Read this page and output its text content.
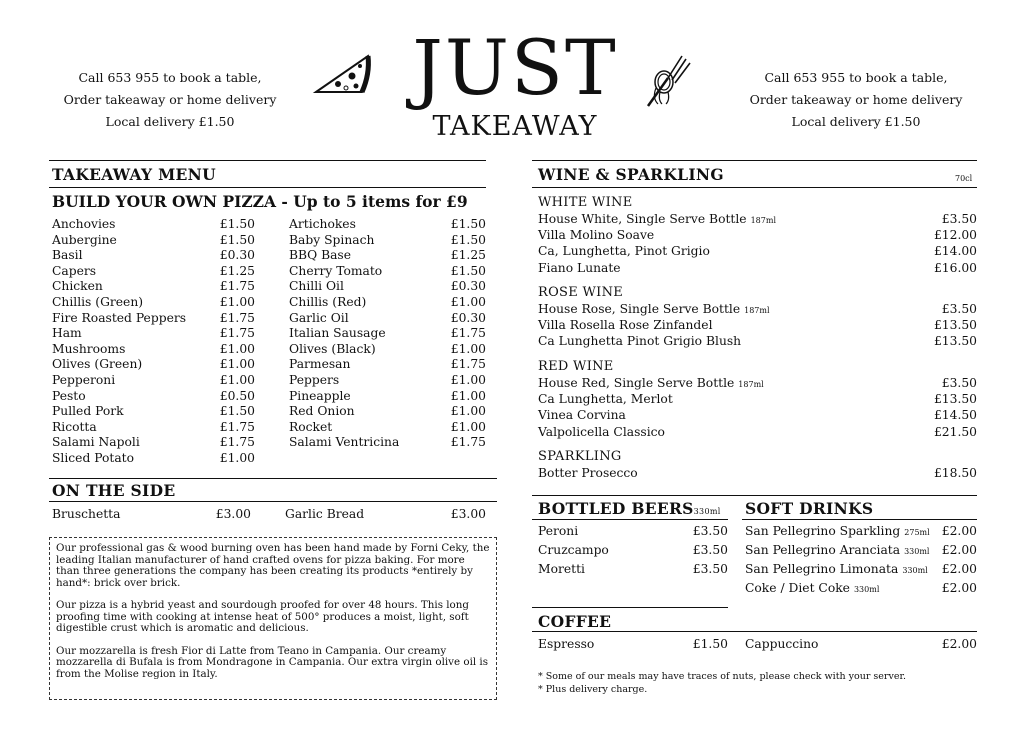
Call 653 955 to book a table,
Order takeaway or home delivery
Local delivery £1.50
Call 653 955 to book a table,
Order takeaway or home delivery
Local delivery £1.50
JUST
TAKEAWAY
TAKEAWAY MENU
BUILD YOUR OWN PIZZA - Up to 5 items for £9
Anchovies	£1.50
Aubergine	£1.50
Basil	£0.30
Capers	£1.25
Chicken	£1.75
Chillis (Green)	£1.00
Fire Roasted Peppers	£1.75
Ham	£1.75
Mushrooms	£1.00
Olives (Green)	£1.00
Pepperoni	£1.00
Pesto	£0.50
Pulled Pork	£1.50
Ricotta	£1.75
Salami Napoli	£1.75
Sliced Potato	£1.00
Artichokes	£1.50
Baby Spinach	£1.50
BBQ Base	£1.25
Cherry Tomato	£1.50
Chilli Oil	£0.30
Chillis (Red)	£1.00
Garlic Oil	£0.30
Italian Sausage	£1.75
Olives (Black)	£1.00
Parmesan	£1.75
Peppers	£1.00
Pineapple	£1.00
Red Onion	£1.00
Rocket	£1.00
Salami Ventricina	£1.75
ON THE SIDE
Bruschetta	£3.00	Garlic Bread	£3.00

Our professional gas & wood burning oven has been hand made by Forni Ceky, the leading Italian manufacturer of hand crafted ovens for pizza baking. For more than three generations the company has been creating its products *entirely by hand*: brick over brick.

Our pizza is a hybrid yeast and sourdough proofed for over 48 hours. This long proofing time with cooking at intense heat of 500° produces a moist, light, soft digestible crust which is aromatic and delicious.

Our mozzarella is fresh Fior di Latte from Teano in Campania. Our creamy mozzarella di Bufala is from Mondragone in Campania. Our extra virgin olive oil is from the Molise region in Italy.

WINE & SPARKLING	70cl
WHITE WINE
House White, Single Serve Bottle 187ml	£3.50
Villa Molino Soave	£12.00
Ca, Lunghetta, Pinot Grigio	£14.00
Fiano Lunate	£16.00
ROSE WINE
House Rose, Single Serve Bottle 187ml	£3.50
Villa Rosella Rose Zinfandel	£13.50
Ca Lunghetta Pinot Grigio Blush	£13.50
RED WINE
House Red, Single Serve Bottle 187ml	£3.50
Ca Lunghetta, Merlot	£13.50
Vinea Corvina	£14.50
Valpolicella Classico	£21.50
SPARKLING
Botter Prosecco	£18.50
BOTTLED BEERS330ml SOFT DRINKS
Peroni	£3.50
Cruzcampo	£3.50
Moretti	£3.50
San Pellegrino Sparkling 275ml £2.00
San Pellegrino Aranciata 330ml £2.00
San Pellegrino Limonata 330ml £2.00
Coke / Diet Coke 330ml	£2.00
COFFEE
Espresso	£1.50 Cappuccino	£2.00
* Some of our meals may have traces of nuts, please check with your server.
* Plus delivery charge.
